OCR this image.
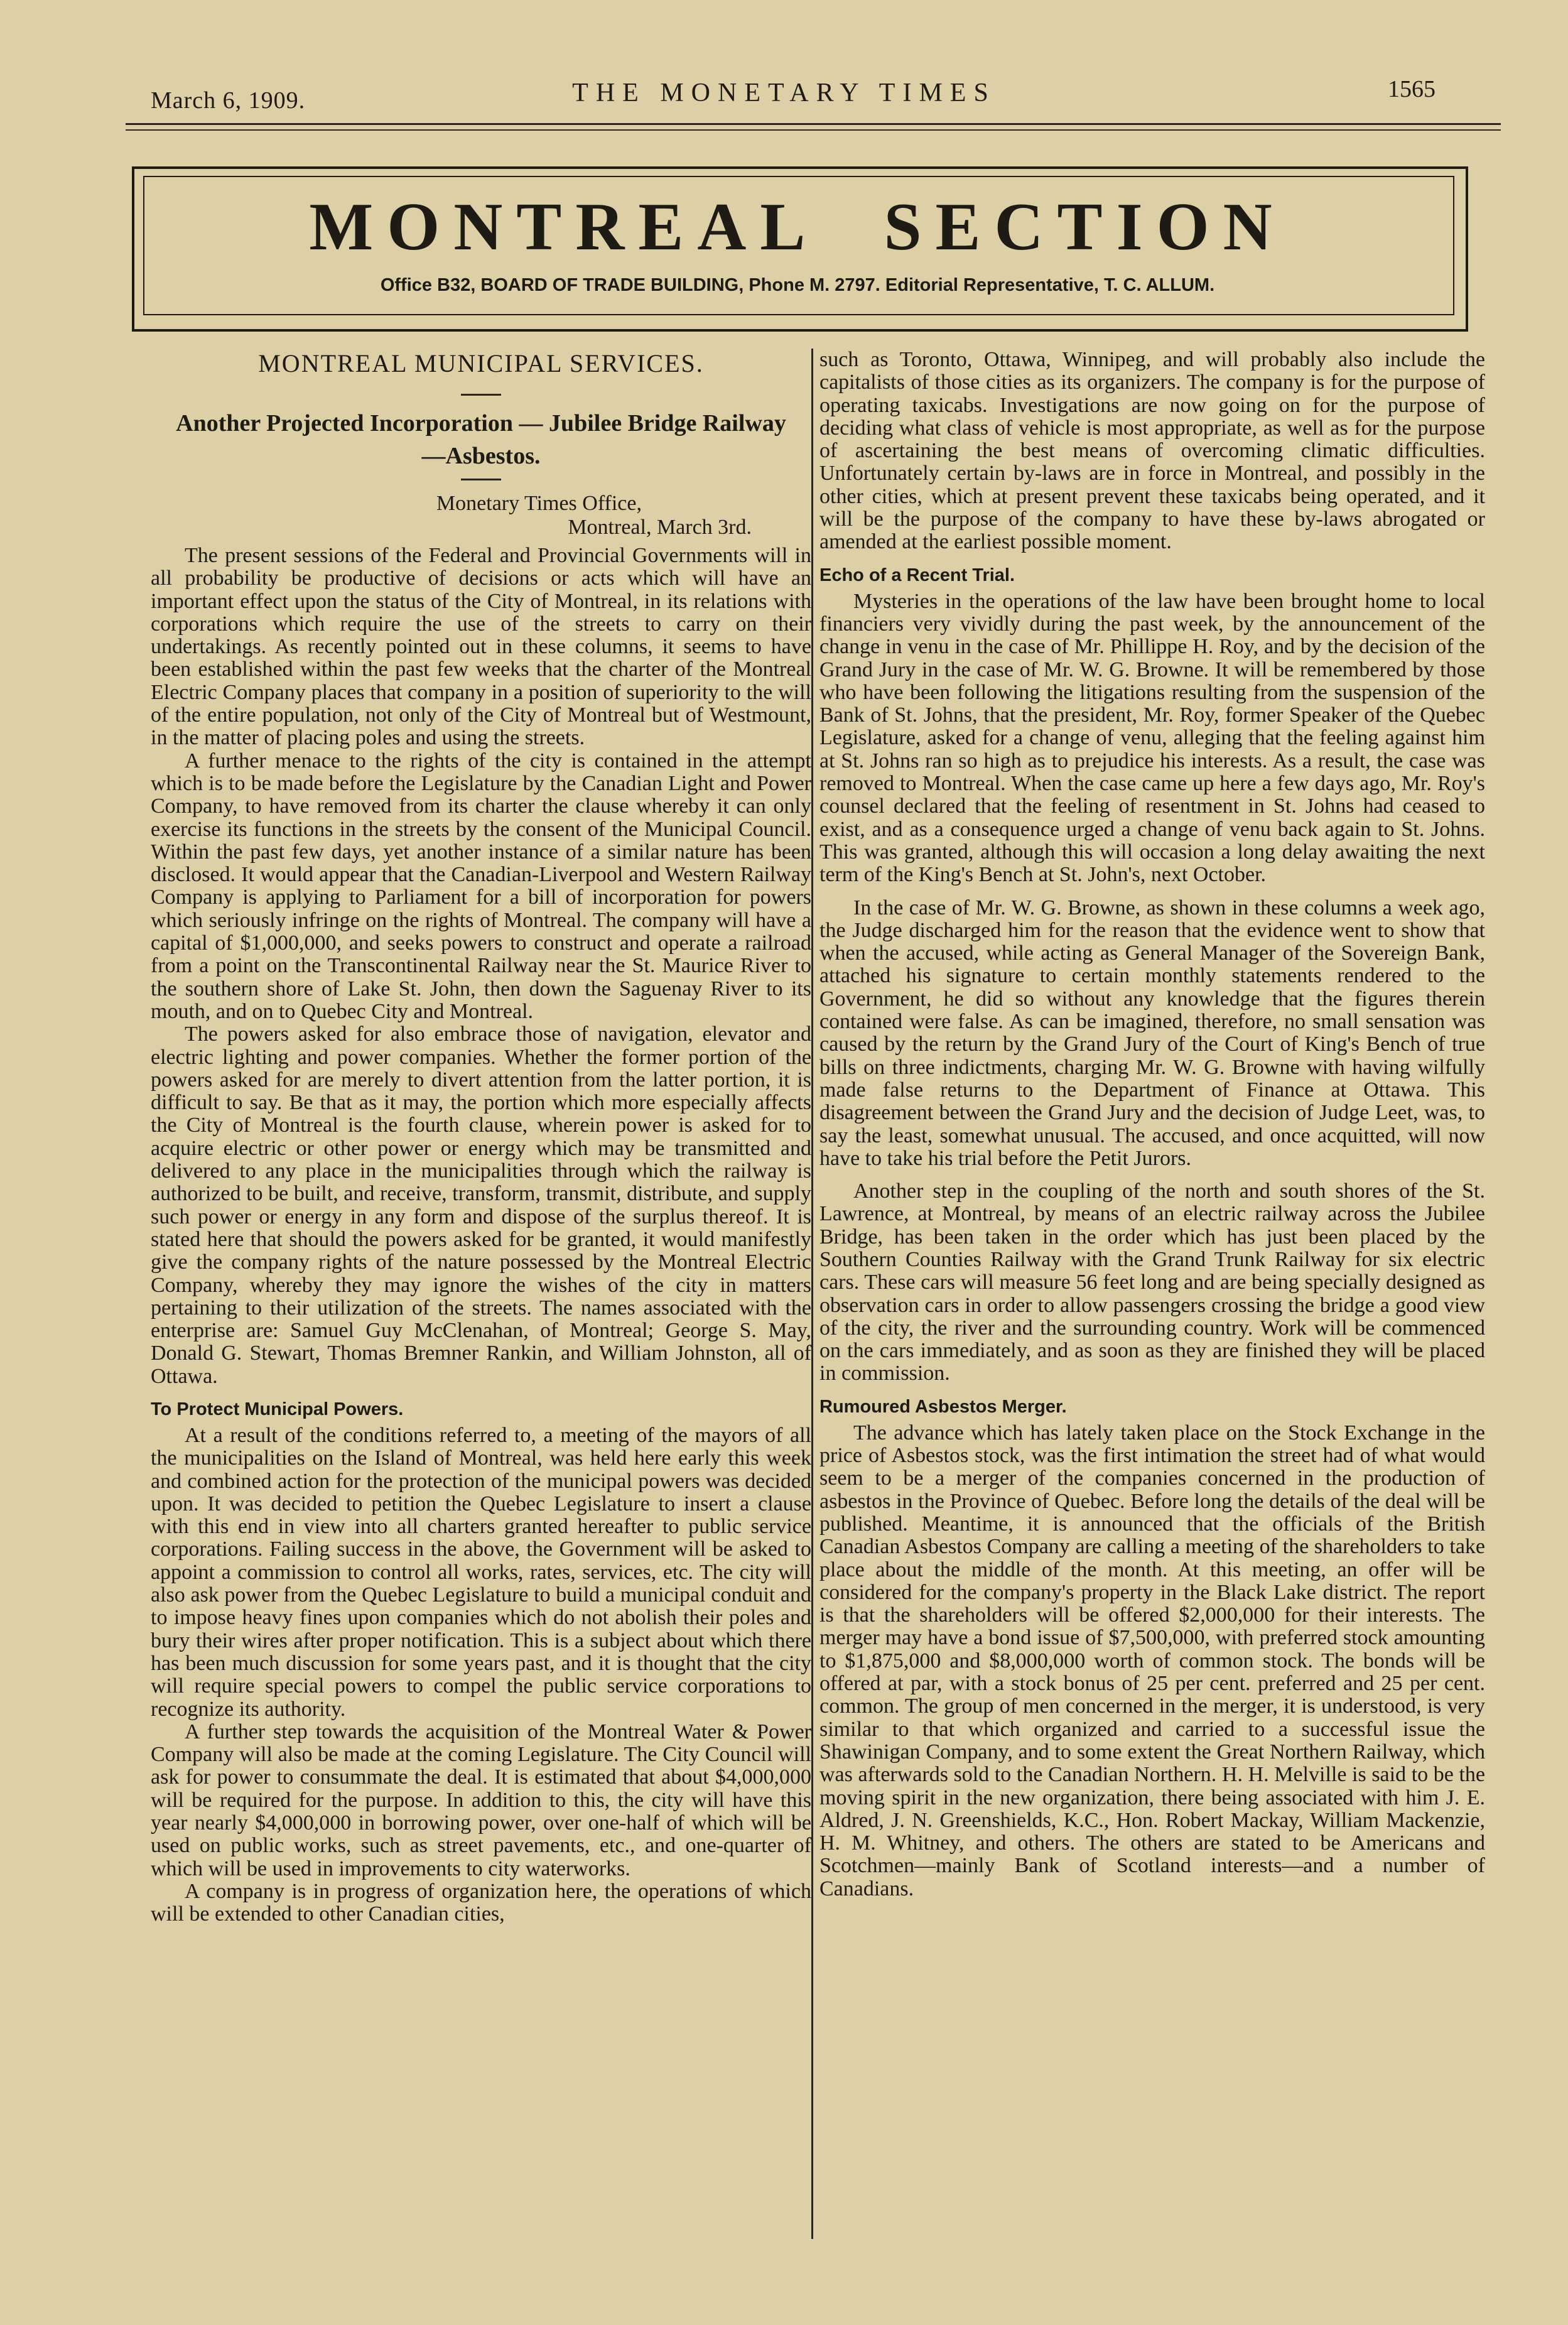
March 6, 1909.	THE MONETARY TIMES	1565
MONTREAL SECTION
Office B32, BOARD OF TRADE BUILDING, Phone M. 2797. Editorial Representative, T. C. ALLUM.
MONTREAL MUNICIPAL SERVICES.
Another Projected Incorporation — Jubilee Bridge Railway—Asbestos.
Monetary Times Office,
Montreal, March 3rd.

The present sessions of the Federal and Provincial Governments will in all probability be productive of decisions or acts which will have an important effect upon the status of the City of Montreal, in its relations with corporations which require the use of the streets to carry on their undertakings. As recently pointed out in these columns, it seems to have been established within the past few weeks that the charter of the Montreal Electric Company places that company in a position of superiority to the will of the entire population, not only of the City of Montreal but of Westmount, in the matter of placing poles and using the streets.

A further menace to the rights of the city is contained in the attempt which is to be made before the Legislature by the Canadian Light and Power Company, to have removed from its charter the clause whereby it can only exercise its functions in the streets by the consent of the Municipal Council. Within the past few days, yet another instance of a similar nature has been disclosed. It would appear that the Canadian-Liverpool and Western Railway Company is applying to Parliament for a bill of incorporation for powers which seriously infringe on the rights of Montreal. The company will have a capital of $1,000,000, and seeks powers to construct and operate a railroad from a point on the Transcontinental Railway near the St. Maurice River to the southern shore of Lake St. John, then down the Saguenay River to its mouth, and on to Quebec City and Montreal.

The powers asked for also embrace those of navigation, elevator and electric lighting and power companies. Whether the former portion of the powers asked for are merely to divert attention from the latter portion, it is difficult to say. Be that as it may, the portion which more especially affects the City of Montreal is the fourth clause, wherein power is asked for to acquire electric or other power or energy which may be transmitted and delivered to any place in the municipalities through which the railway is authorized to be built, and receive, transform, transmit, distribute, and supply such power or energy in any form and dispose of the surplus thereof. It is stated here that should the powers asked for be granted, it would manifestly give the company rights of the nature possessed by the Montreal Electric Company, whereby they may ignore the wishes of the city in matters pertaining to their utilization of the streets. The names associated with the enterprise are: Samuel Guy McClenahan, of Montreal; George S. May, Donald G. Stewart, Thomas Bremner Rankin, and William Johnston, all of Ottawa.

To Protect Municipal Powers.

At a result of the conditions referred to, a meeting of the mayors of all the municipalities on the Island of Montreal, was held here early this week and combined action for the protection of the municipal powers was decided upon. It was decided to petition the Quebec Legislature to insert a clause with this end in view into all charters granted hereafter to public service corporations. Failing success in the above, the Government will be asked to appoint a commission to control all works, rates, services, etc. The city will also ask power from the Quebec Legislature to build a municipal conduit and to impose heavy fines upon companies which do not abolish their poles and bury their wires after proper notification. This is a subject about which there has been much discussion for some years past, and it is thought that the city will require special powers to compel the public service corporations to recognize its authority.

A further step towards the acquisition of the Montreal Water & Power Company will also be made at the coming Legislature. The City Council will ask for power to consummate the deal. It is estimated that about $4,000,000 will be required for the purpose. In addition to this, the city will have this year nearly $4,000,000 in borrowing power, over one-half of which will be used on public works, such as street pavements, etc., and one-quarter of which will be used in improvements to city waterworks.

A company is in progress of organization here, the operations of which will be extended to other Canadian cities,

such as Toronto, Ottawa, Winnipeg, and will probably also include the capitalists of those cities as its organizers. The company is for the purpose of operating taxicabs. Investigations are now going on for the purpose of deciding what class of vehicle is most appropriate, as well as for the purpose of ascertaining the best means of overcoming climatic difficulties. Unfortunately certain by-laws are in force in Montreal, and possibly in the other cities, which at present prevent these taxicabs being operated, and it will be the purpose of the company to have these by-laws abrogated or amended at the earliest possible moment.

Echo of a Recent Trial.

Mysteries in the operations of the law have been brought home to local financiers very vividly during the past week, by the announcement of the change in venu in the case of Mr. Phillippe H. Roy, and by the decision of the Grand Jury in the case of Mr. W. G. Browne. It will be remembered by those who have been following the litigations resulting from the suspension of the Bank of St. Johns, that the president, Mr. Roy, former Speaker of the Quebec Legislature, asked for a change of venu, alleging that the feeling against him at St. Johns ran so high as to prejudice his interests. As a result, the case was removed to Montreal. When the case came up here a few days ago, Mr. Roy's counsel declared that the feeling of resentment in St. Johns had ceased to exist, and as a consequence urged a change of venu back again to St. Johns. This was granted, although this will occasion a long delay awaiting the next term of the King's Bench at St. John's, next October.

In the case of Mr. W. G. Browne, as shown in these columns a week ago, the Judge discharged him for the reason that the evidence went to show that when the accused, while acting as General Manager of the Sovereign Bank, attached his signature to certain monthly statements rendered to the Government, he did so without any knowledge that the figures therein contained were false. As can be imagined, therefore, no small sensation was caused by the return by the Grand Jury of the Court of King's Bench of true bills on three indictments, charging Mr. W. G. Browne with having wilfully made false returns to the Department of Finance at Ottawa. This disagreement between the Grand Jury and the decision of Judge Leet, was, to say the least, somewhat unusual. The accused, and once acquitted, will now have to take his trial before the Petit Jurors.

Another step in the coupling of the north and south shores of the St. Lawrence, at Montreal, by means of an electric railway across the Jubilee Bridge, has been taken in the order which has just been placed by the Southern Counties Railway with the Grand Trunk Railway for six electric cars. These cars will measure 56 feet long and are being specially designed as observation cars in order to allow passengers crossing the bridge a good view of the city, the river and the surrounding country. Work will be commenced on the cars immediately, and as soon as they are finished they will be placed in commission.

Rumoured Asbestos Merger.

The advance which has lately taken place on the Stock Exchange in the price of Asbestos stock, was the first intimation the street had of what would seem to be a merger of the companies concerned in the production of asbestos in the Province of Quebec. Before long the details of the deal will be published. Meantime, it is announced that the officials of the British Canadian Asbestos Company are calling a meeting of the shareholders to take place about the middle of the month. At this meeting, an offer will be considered for the company's property in the Black Lake district. The report is that the shareholders will be offered $2,000,000 for their interests. The merger may have a bond issue of $7,500,000, with preferred stock amounting to $1,875,000 and $8,000,000 worth of common stock. The bonds will be offered at par, with a stock bonus of 25 per cent. preferred and 25 per cent. common. The group of men concerned in the merger, it is understood, is very similar to that which organized and carried to a successful issue the Shawinigan Company, and to some extent the Great Northern Railway, which was afterwards sold to the Canadian Northern. H. H. Melville is said to be the moving spirit in the new organization, there being associated with him J. E. Aldred, J. N. Greenshields, K.C., Hon. Robert Mackay, William Mackenzie, H. M. Whitney, and others. The others are stated to be Americans and Scotchmen—mainly Bank of Scotland interests—and a number of Canadians.
